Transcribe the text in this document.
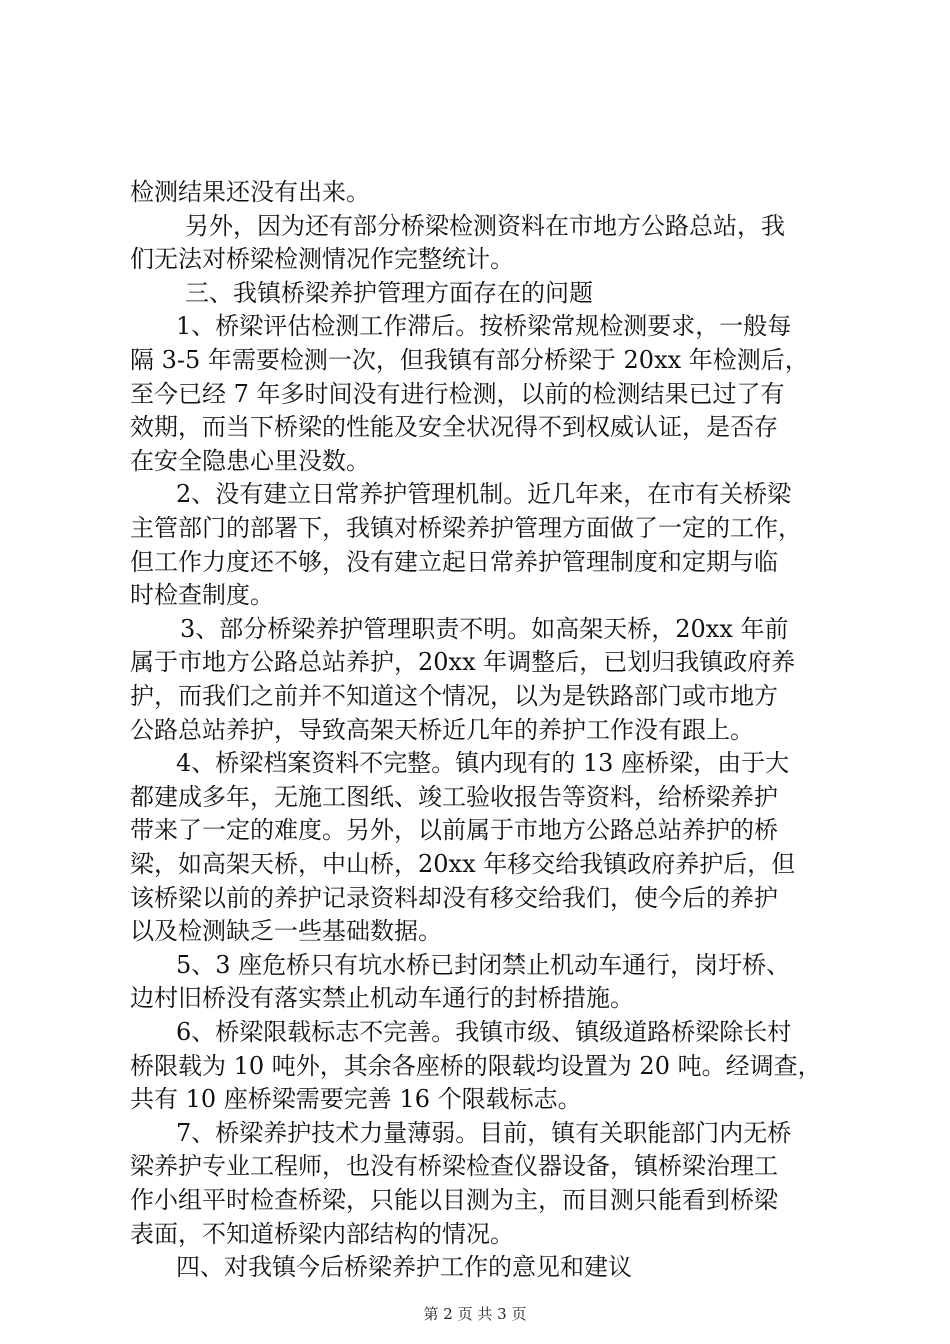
检测结果还没有出来。
另外，因为还有部分桥梁检测资料在市地方公路总站，我
们无法对桥梁检测情况作完整统计。
三、我镇桥梁养护管理方面存在的问题
1、桥梁评估检测工作滞后。按桥梁常规检测要求，一般每
隔 3-5 年需要检测一次，但我镇有部分桥梁于 20xx 年检测后，
至今已经 7 年多时间没有进行检测，以前的检测结果已过了有
效期，而当下桥梁的性能及安全状况得不到权威认证，是否存
在安全隐患心里没数。
2、没有建立日常养护管理机制。近几年来，在市有关桥梁
主管部门的部署下，我镇对桥梁养护管理方面做了一定的工作，
但工作力度还不够，没有建立起日常养护管理制度和定期与临
时检查制度。
3、部分桥梁养护管理职责不明。如高架天桥，20xx 年前
属于市地方公路总站养护，20xx 年调整后，已划归我镇政府养
护，而我们之前并不知道这个情况，以为是铁路部门或市地方
公路总站养护，导致高架天桥近几年的养护工作没有跟上。
4、桥梁档案资料不完整。镇内现有的 13 座桥梁，由于大
都建成多年，无施工图纸、竣工验收报告等资料，给桥梁养护
带来了一定的难度。另外，以前属于市地方公路总站养护的桥
梁，如高架天桥，中山桥，20xx 年移交给我镇政府养护后，但
该桥梁以前的养护记录资料却没有移交给我们，使今后的养护
以及检测缺乏一些基础数据。
5、3 座危桥只有坑水桥已封闭禁止机动车通行，岗圩桥、
边村旧桥没有落实禁止机动车通行的封桥措施。
6、桥梁限载标志不完善。我镇市级、镇级道路桥梁除长村
桥限载为 10 吨外，其余各座桥的限载均设置为 20 吨。经调查，
共有 10 座桥梁需要完善 16 个限载标志。
7、桥梁养护技术力量薄弱。目前，镇有关职能部门内无桥
梁养护专业工程师，也没有桥梁检查仪器设备，镇桥梁治理工
作小组平时检查桥梁，只能以目测为主，而目测只能看到桥梁
表面，不知道桥梁内部结构的情况。
四、对我镇今后桥梁养护工作的意见和建议
第 2 页 共 3 页
